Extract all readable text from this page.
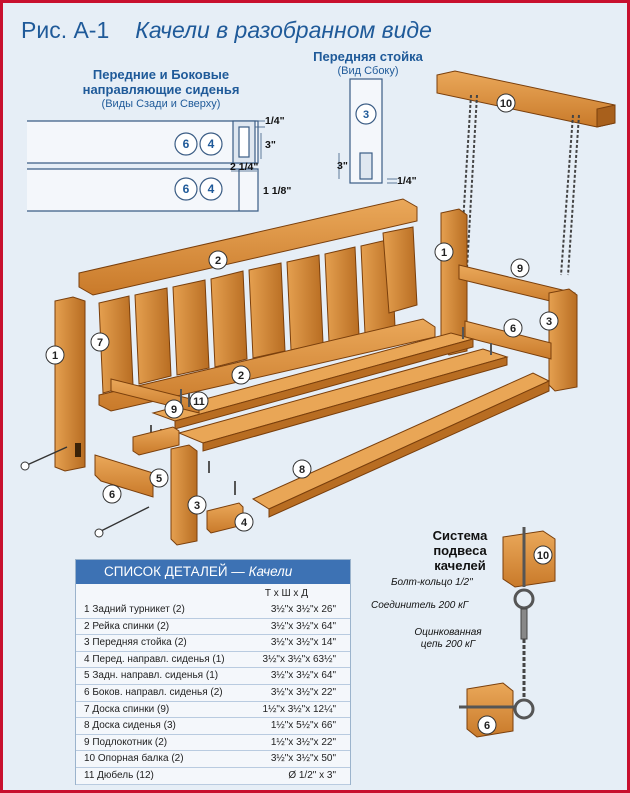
Рис. А-1 Качели в разобранном виде
Передние и Боковые
направляющие сиденья
(Виды Сзади и Сверху)
Передняя стойка
(Вид Сбоку)
6 4
6 4
3
10
2
1
9
6
3
7
2
1
9
11
8
5
6
3
4
10
6
1/4"
3"
2 1/4"
1 1/8"
3"
1/4"
СПИСОК ДЕТАЛЕЙ — Качели
Т x Ш x Д
1 Задний турникет (2)	3½"x 3½"x 26"
2 Рейка спинки (2)	3½"x 3½"x 64"
3 Передняя стойка (2)	3½"x 3½"x 14"
4 Перед. направл. сиденья (1)	3½"x 3½"x 63½"
5 Задн. направл. сиденья (1)	3½"x 3½"x 64"
6 Боков. направл. сиденья (2)	3½"x 3½"x 22"
7 Доска спинки (9)	1½"x 3½"x 12¼"
8 Доска сиденья (3)	1½"x 5½"x 66"
9 Подлокотник (2)	1½"x 3½"x 22"
10 Опорная балка (2)	3½"x 3½"x 50"
11 Дюбель (12)	Ø 1/2" x 3"
Система
подвеса
качелей
Болт-кольцо 1/2"
Соединитель 200 кГ
Оцинкованная
цепь 200 кГ
